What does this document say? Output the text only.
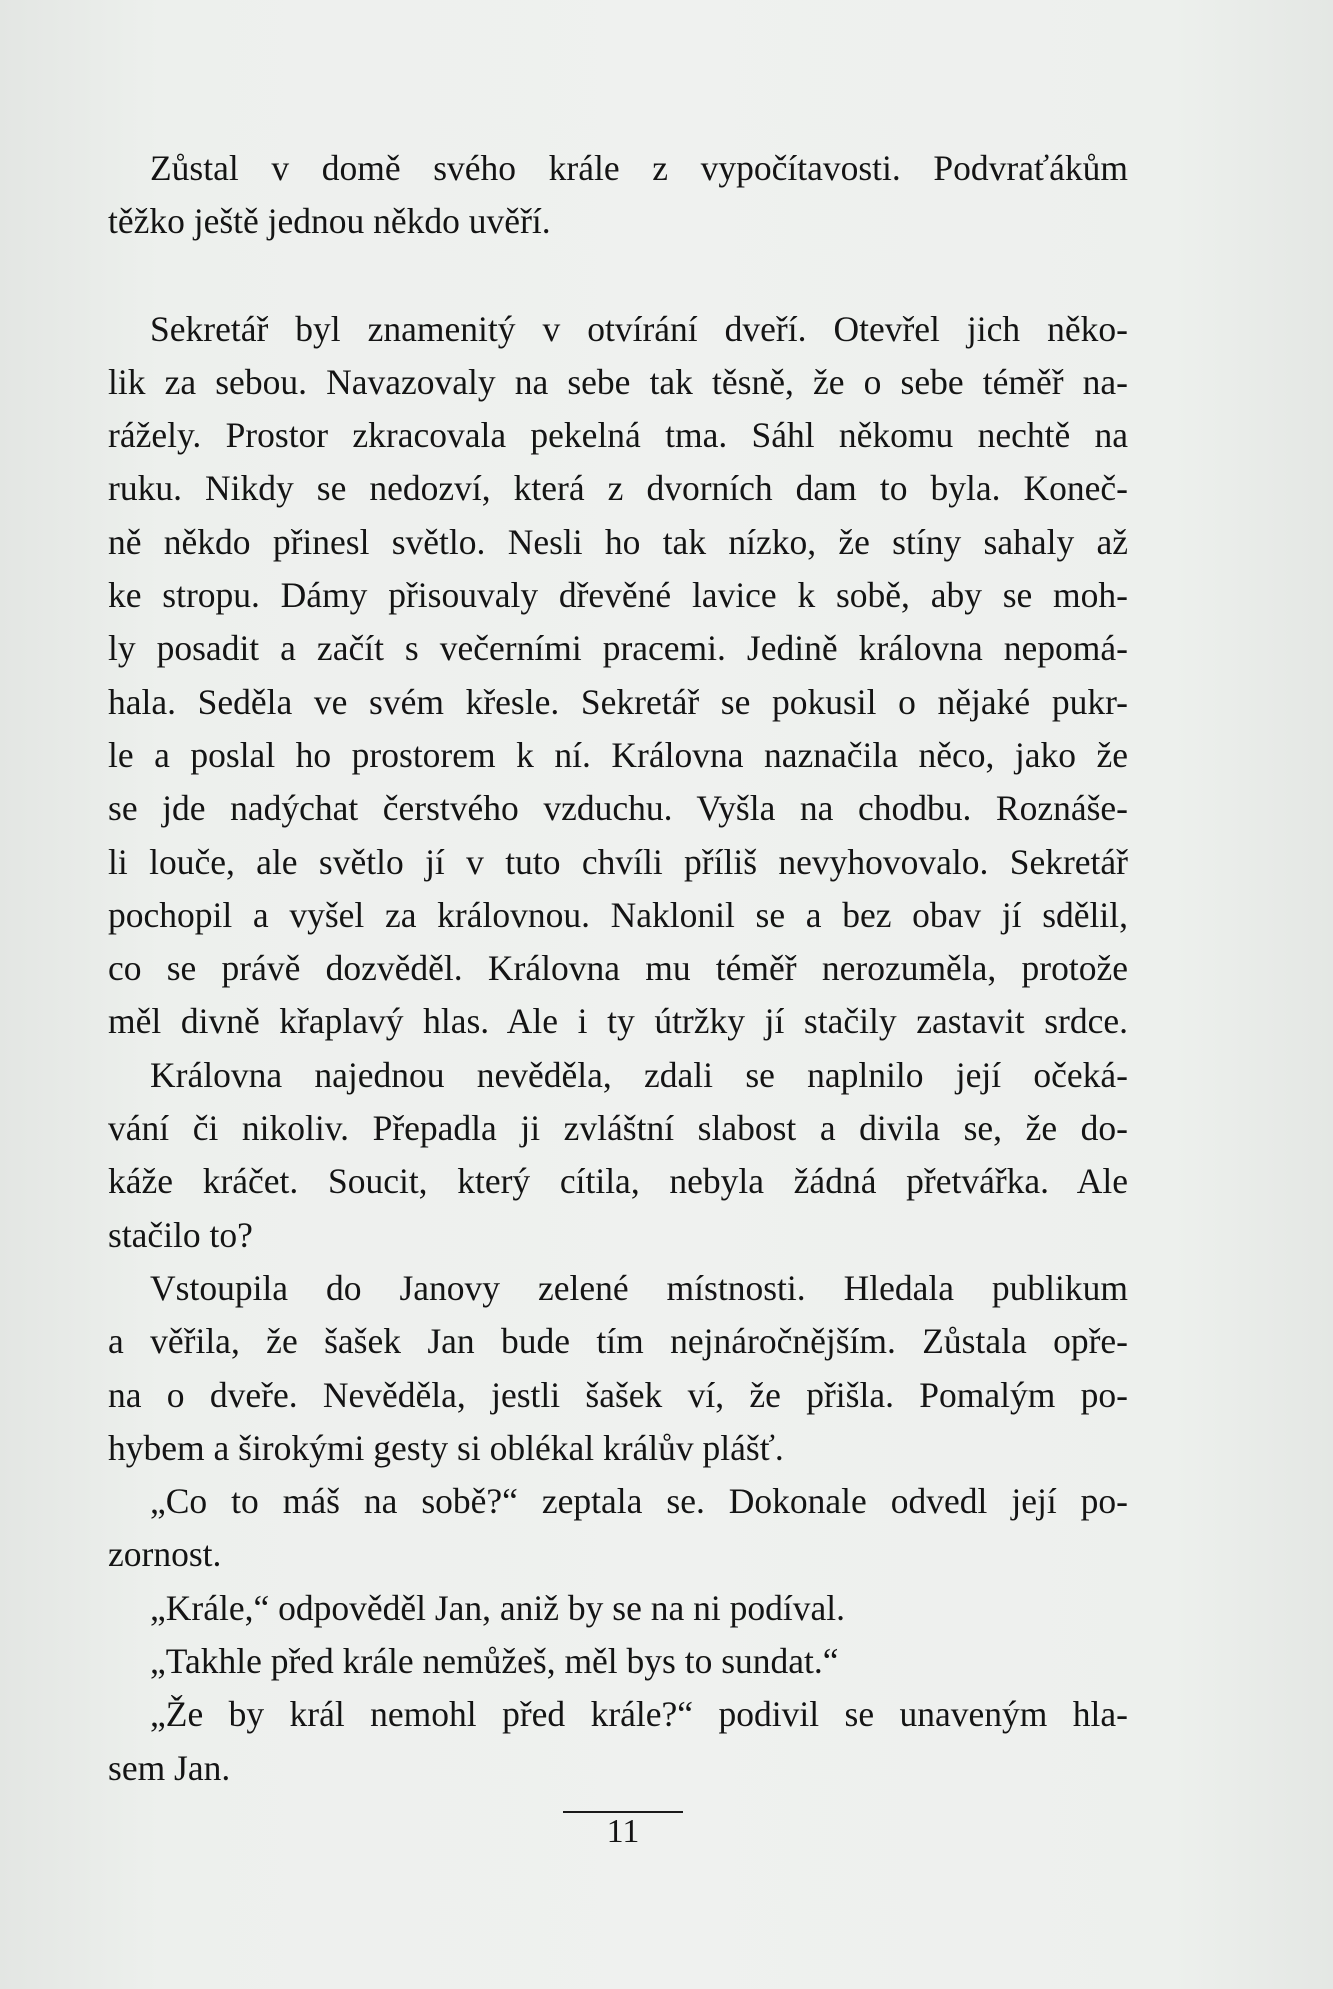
Zůstal v domě svého krále z vypočítavosti. Podvraťákům
těžko ještě jednou někdo uvěří.
Sekretář byl znamenitý v otvírání dveří. Otevřel jich něko-
lik za sebou. Navazovaly na sebe tak těsně, že o sebe téměř na-
rážely. Prostor zkracovala pekelná tma. Sáhl někomu nechtě na
ruku. Nikdy se nedozví, která z dvorních dam to byla. Koneč-
ně někdo přinesl světlo. Nesli ho tak nízko, že stíny sahaly až
ke stropu. Dámy přisouvaly dřevěné lavice k sobě, aby se moh-
ly posadit a začít s večerními pracemi. Jedině královna nepomá-
hala. Seděla ve svém křesle. Sekretář se pokusil o nějaké pukr-
le a poslal ho prostorem k ní. Královna naznačila něco, jako že
se jde nadýchat čerstvého vzduchu. Vyšla na chodbu. Roznáše-
li louče, ale světlo jí v tuto chvíli příliš nevyhovovalo. Sekretář
pochopil a vyšel za královnou. Naklonil se a bez obav jí sdělil,
co se právě dozvěděl. Královna mu téměř nerozuměla, protože
měl divně křaplavý hlas. Ale i ty útržky jí stačily zastavit srdce.
Královna najednou nevěděla, zdali se naplnilo její očeká-
vání či nikoliv. Přepadla ji zvláštní slabost a divila se, že do-
káže kráčet. Soucit, který cítila, nebyla žádná přetvářka. Ale
stačilo to?
Vstoupila do Janovy zelené místnosti. Hledala publikum
a věřila, že šašek Jan bude tím nejnáročnějším. Zůstala opře-
na o dveře. Nevěděla, jestli šašek ví, že přišla. Pomalým po-
hybem a širokými gesty si oblékal králův plášť.
„Co to máš na sobě?“ zeptala se. Dokonale odvedl její po-
zornost.
„Krále,“ odpověděl Jan, aniž by se na ni podíval.
„Takhle před krále nemůžeš, měl bys to sundat.“
„Že by král nemohl před krále?“ podivil se unaveným hla-
sem Jan.
11
